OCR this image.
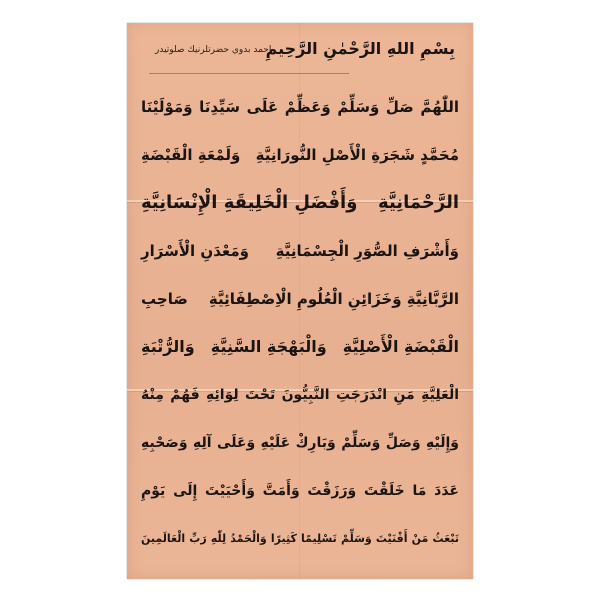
بِسْمِ اللهِ الرَّحْمٰنِ الرَّحِيمِ
احمد بدوي حضرتلرنيك صلوتيدر
اللّٰهُمَّ صَلِّ وَسَلِّمْ وَعَظِّمْ عَلَى سَيِّدِنَا وَمَوْلَيْنَا
مُحَمَّدٍ شَجَرَةِ الْأَصْلِ النُّورَانِيَّةِ
وَلَمْعَةِ الْقَبْضَةِ
الرَّحْمَانِيَّةِ
وَأَفْضَلِ الْخَلِيقَةِ الْإِنْسَانِيَّةِ
وَأَشْرَفِ الصُّوَرِ الْجِسْمَانِيَّةِ
وَمَعْدَنِ الْأَسْرَارِ
الرَّبَّانِيَّةِ وَخَزَائِنِ الْعُلُومِ الْاِصْطِفَائِيَّةِ
صَاحِبِ
الْقَبْضَةِ الْأَصْلِيَّةِ
وَالْبَهْجَةِ السَّنِيَّةِ
وَالرُّتْبَةِ
الْعَلِيَّةِ مَنِ انْدَرَجَتِ النَّبِيُّونَ تَحْتَ لِوَائِهِ فَهُمْ مِنْهُ
وَإِلَيْهِ وَصَلِّ وَسَلِّمْ وَبَارِكْ عَلَيْهِ وَعَلَى آلِهِ وَصَحْبِهِ
عَدَدَ مَا خَلَقْتَ وَرَزَقْتَ وَأَمَتَّ وَأَحْيَيْتَ إِلَى يَوْمِ
تَبْعَثُ مَنْ أَفْنَيْتَ وَسَلِّمْ تَسْلِيمًا كَثِيرًا وَالْحَمْدُ لِلّٰهِ رَبِّ الْعَالَمِينَ
